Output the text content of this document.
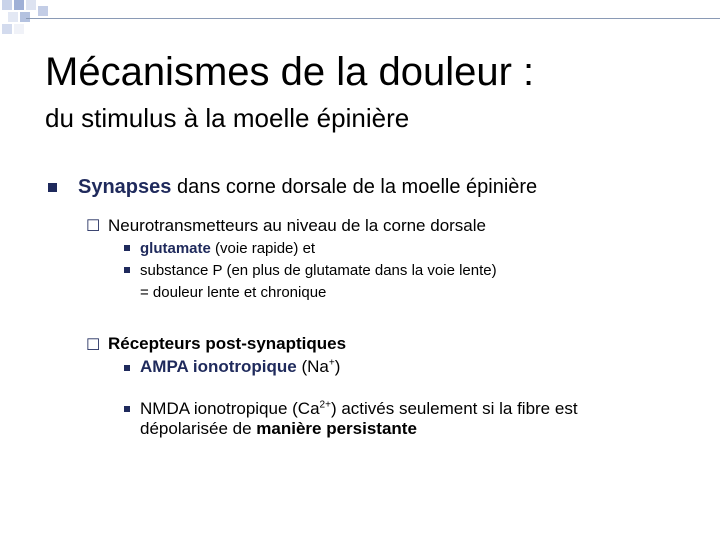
Mécanismes de la douleur :
du stimulus à la moelle épinière
Synapses dans corne dorsale de la moelle épinière
☐ Neurotransmetteurs au niveau de la corne dorsale
glutamate (voie rapide) et
substance P (en plus de glutamate dans la voie lente)
= douleur lente et chronique
☐ Récepteurs post-synaptiques
AMPA ionotropique (Na+)
NMDA ionotropique $(Ca^{2+})$ activés seulement si la fibre est
dépolarisée de manière persistante
